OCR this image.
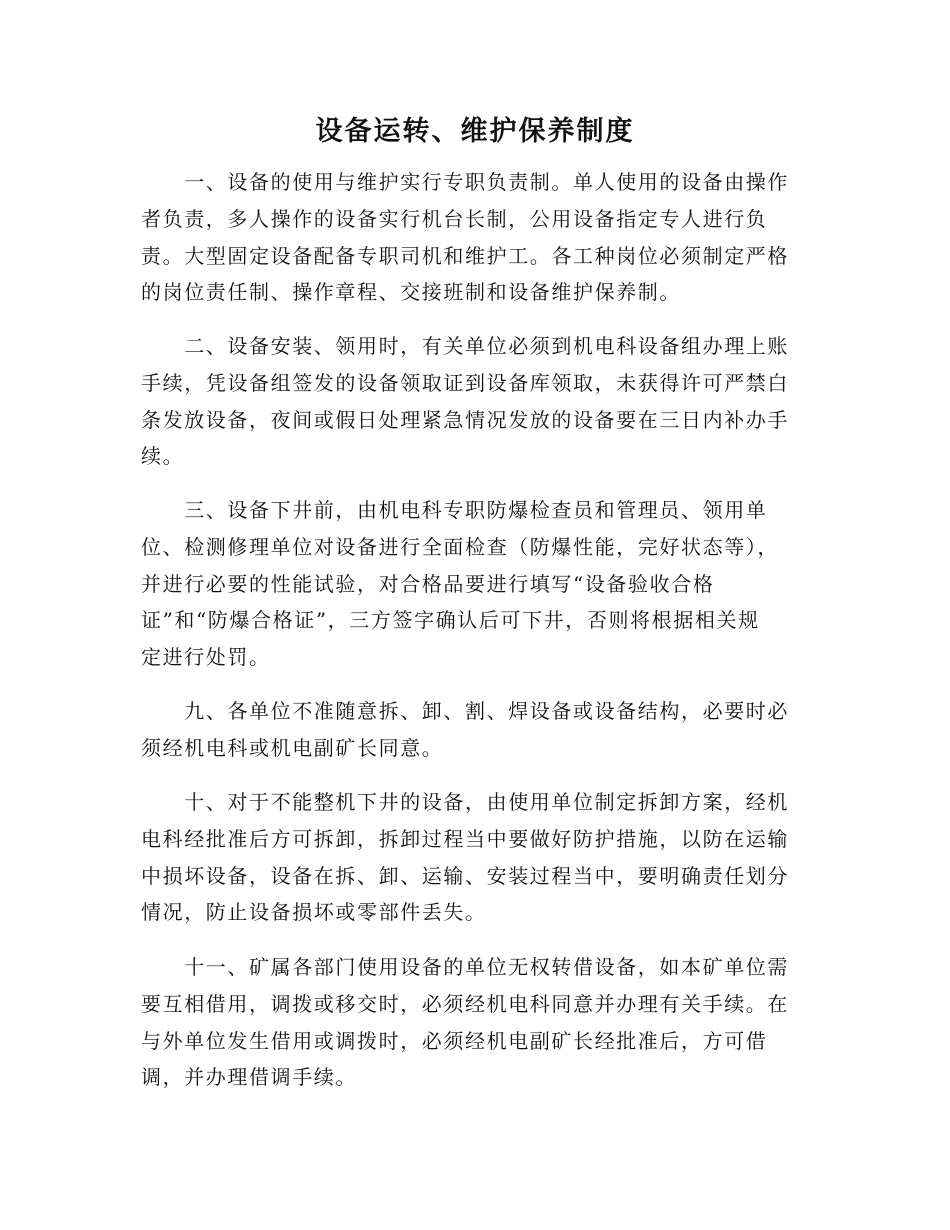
设备运转、维护保养制度
　　一、设备的使用与维护实行专职负责制。单人使用的设备由操作
者负责，多人操作的设备实行机台长制，公用设备指定专人进行负
责。大型固定设备配备专职司机和维护工。各工种岗位必须制定严格
的岗位责任制、操作章程、交接班制和设备维护保养制。
　　二、设备安装、领用时，有关单位必须到机电科设备组办理上账
手续，凭设备组签发的设备领取证到设备库领取，未获得许可严禁白
条发放设备，夜间或假日处理紧急情况发放的设备要在三日内补办手
续。
　　三、设备下井前，由机电科专职防爆检查员和管理员、领用单
位、检测修理单位对设备进行全面检查（防爆性能，完好状态等），
并进行必要的性能试验，对合格品要进行填写“设备验收合格
证”和“防爆合格证”，三方签字确认后可下井，否则将根据相关规
定进行处罚。
　　九、各单位不准随意拆、卸、割、焊设备或设备结构，必要时必
须经机电科或机电副矿长同意。
　　十、对于不能整机下井的设备，由使用单位制定拆卸方案，经机
电科经批准后方可拆卸，拆卸过程当中要做好防护措施，以防在运输
中损坏设备，设备在拆、卸、运输、安装过程当中，要明确责任划分
情况，防止设备损坏或零部件丢失。
　　十一、矿属各部门使用设备的单位无权转借设备，如本矿单位需
要互相借用，调拨或移交时，必须经机电科同意并办理有关手续。在
与外单位发生借用或调拨时，必须经机电副矿长经批准后，方可借
调，并办理借调手续。
